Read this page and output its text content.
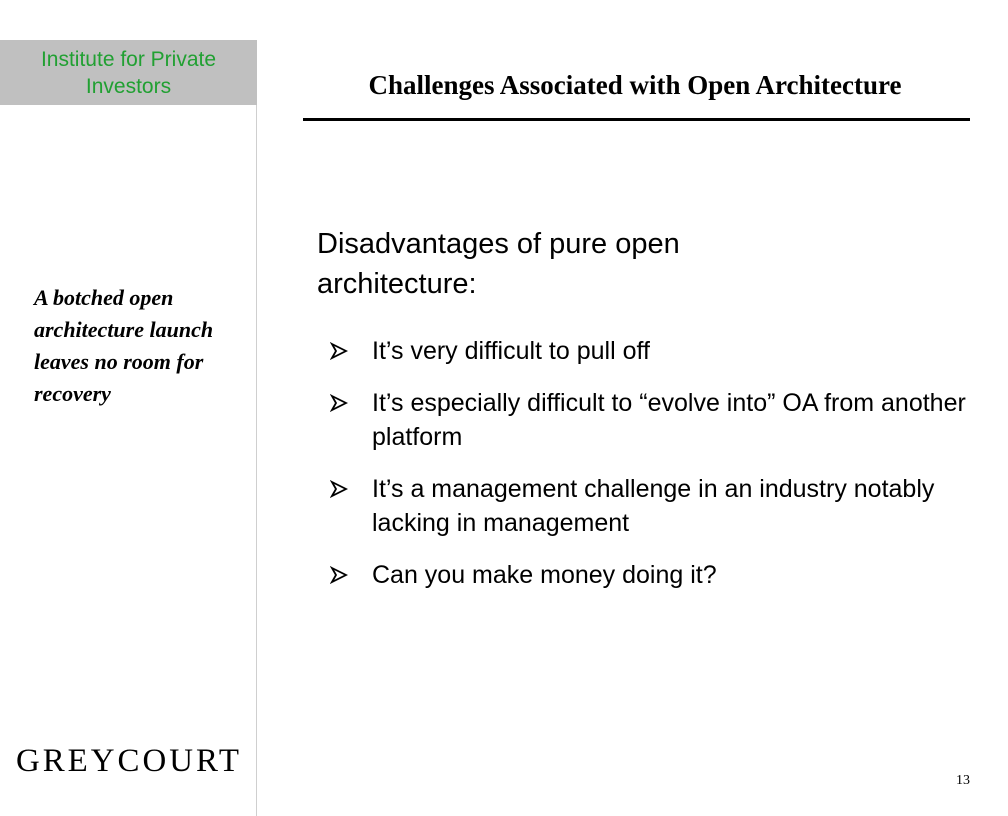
Institute for Private Investors	Challenges Associated with Open Architecture
A botched open architecture launch leaves no room for recovery
Disadvantages of pure open architecture:
It’s very difficult to pull off
It’s especially difficult to “evolve into” OA from another platform
It’s a management challenge in an industry notably lacking in management
Can you make money doing it?
GREYCOURT
13
